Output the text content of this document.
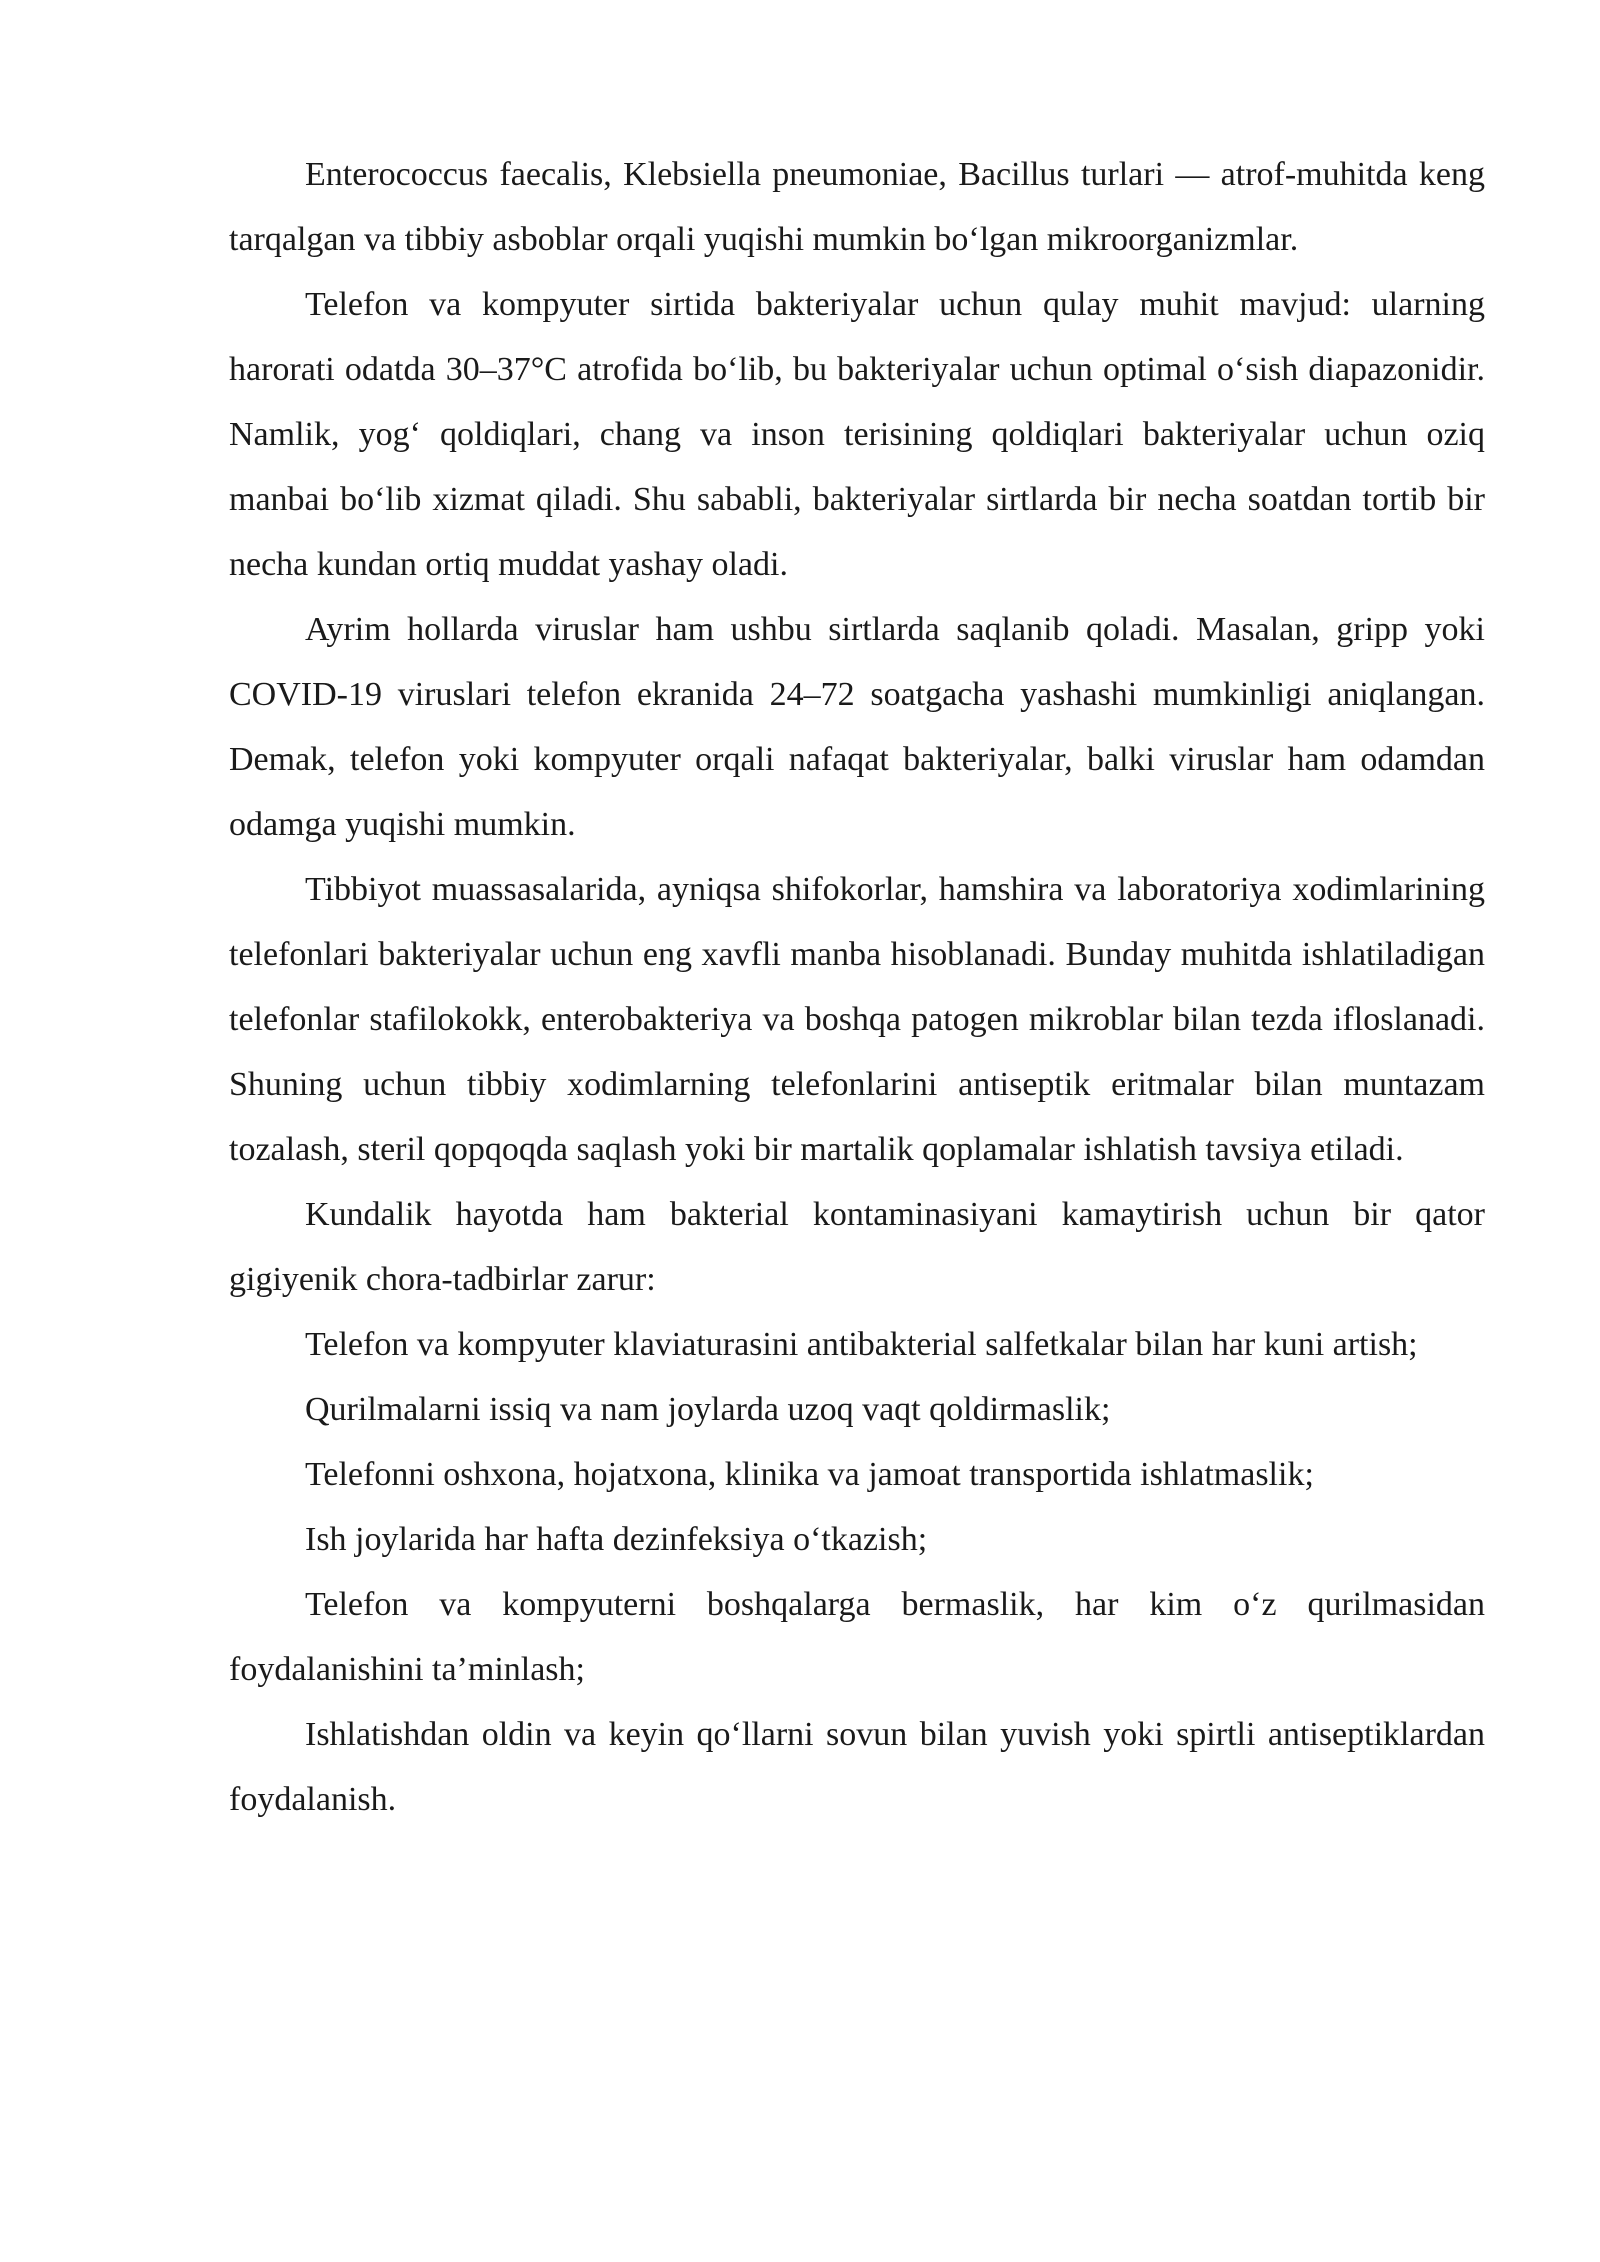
Enterococcus faecalis, Klebsiella pneumoniae, Bacillus turlari — atrof-muhitda keng tarqalgan va tibbiy asboblar orqali yuqishi mumkin bo‘lgan mikroorganizmlar.

Telefon va kompyuter sirtida bakteriyalar uchun qulay muhit mavjud: ularning harorati odatda 30–37°C atrofida bo‘lib, bu bakteriyalar uchun optimal o‘sish diapazonidir. Namlik, yog‘ qoldiqlari, chang va inson terisining qoldiqlari bakteriyalar uchun oziq manbai bo‘lib xizmat qiladi. Shu sababli, bakteriyalar sirtlarda bir necha soatdan tortib bir necha kundan ortiq muddat yashay oladi.

Ayrim hollarda viruslar ham ushbu sirtlarda saqlanib qoladi. Masalan, gripp yoki COVID-19 viruslari telefon ekranida 24–72 soatgacha yashashi mumkinligi aniqlangan. Demak, telefon yoki kompyuter orqali nafaqat bakteriyalar, balki viruslar ham odamdan odamga yuqishi mumkin.

Tibbiyot muassasalarida, ayniqsa shifokorlar, hamshira va laboratoriya xodimlarining telefonlari bakteriyalar uchun eng xavfli manba hisoblanadi. Bunday muhitda ishlatiladigan telefonlar stafilokokk, enterobakteriya va boshqa patogen mikroblar bilan tezda ifloslanadi. Shuning uchun tibbiy xodimlarning telefonlarini antiseptik eritmalar bilan muntazam tozalash, steril qopqoqda saqlash yoki bir martalik qoplamalar ishlatish tavsiya etiladi.

Kundalik hayotda ham bakterial kontaminasiyani kamaytirish uchun bir qator gigiyenik chora-tadbirlar zarur:

Telefon va kompyuter klaviaturasini antibakterial salfetkalar bilan har kuni artish;

Qurilmalarni issiq va nam joylarda uzoq vaqt qoldirmaslik;

Telefonni oshxona, hojatxona, klinika va jamoat transportida ishlatmaslik;

Ish joylarida har hafta dezinfeksiya o‘tkazish;

Telefon va kompyuterni boshqalarga bermaslik, har kim o‘z qurilmasidan foydalanishini ta’minlash;

Ishlatishdan oldin va keyin qo‘llarni sovun bilan yuvish yoki spirtli antiseptiklardan foydalanish.
